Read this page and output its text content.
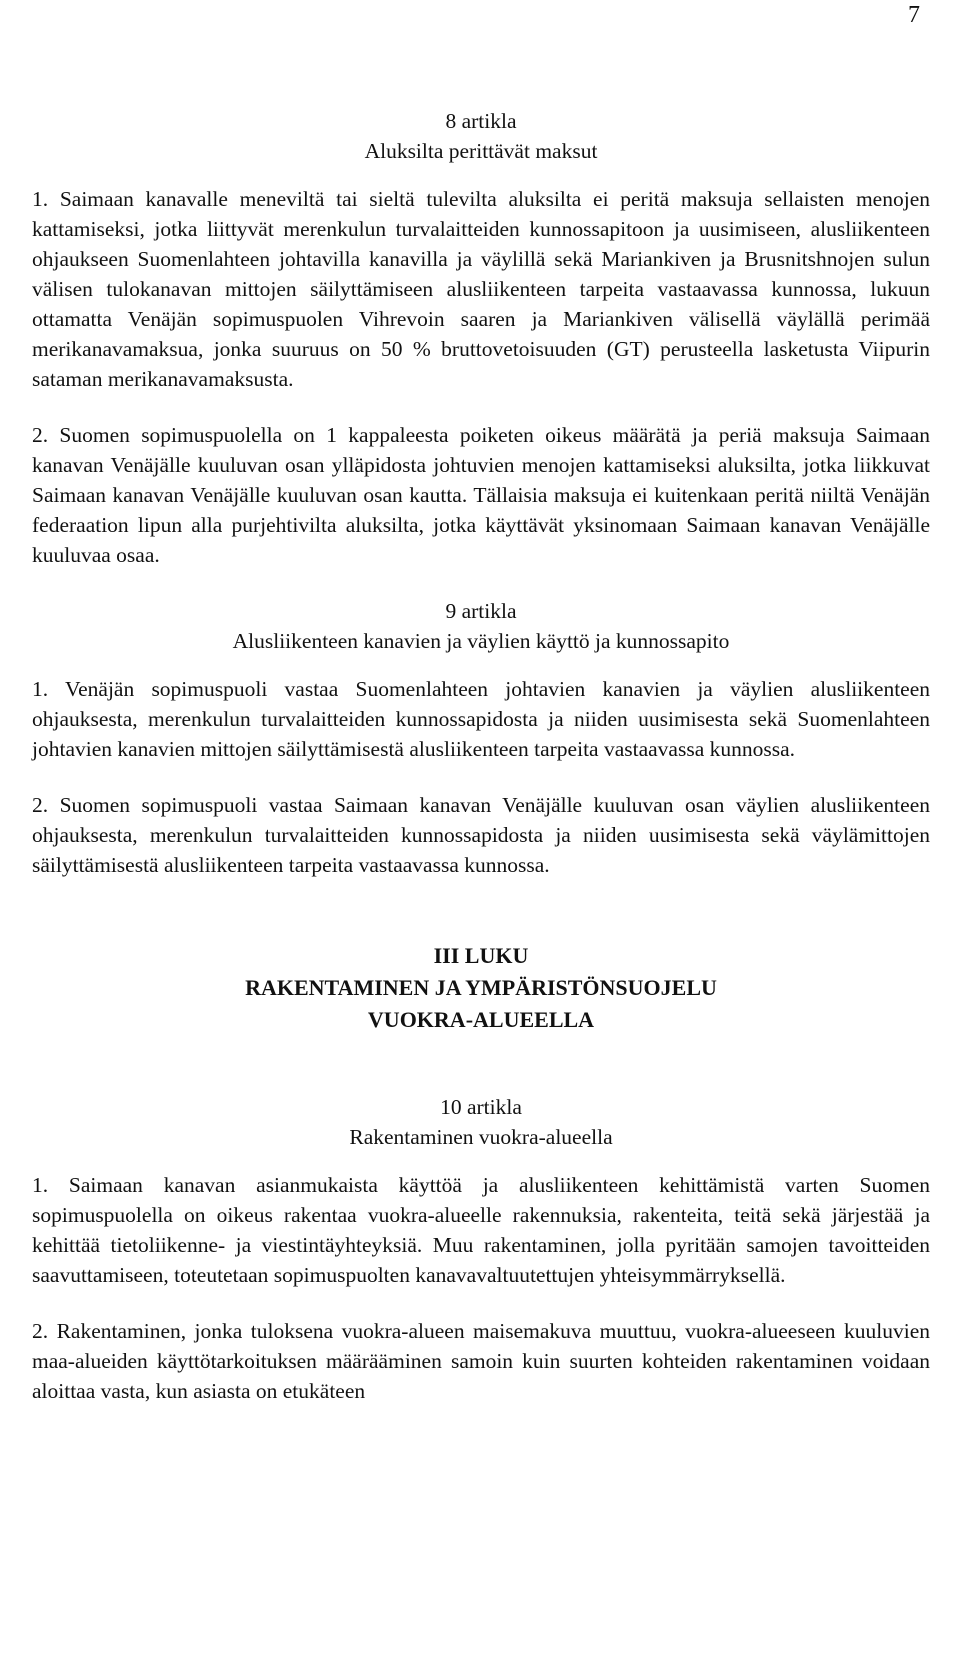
7

8 artikla

Aluksilta perittävät maksut

1. Saimaan kanavalle meneviltä tai sieltä tulevilta aluksilta ei peritä maksuja sellaisten menojen kattamiseksi, jotka liittyvät merenkulun turvalaitteiden kunnossapitoon ja uusimiseen, alusliikenteen ohjaukseen Suomenlahteen johtavilla kanavilla ja väylillä sekä Mariankiven ja Brusnitshnojen sulun välisen tulokanavan mittojen säilyttämiseen alusliikenteen tarpeita vastaavassa kunnossa, lukuun ottamatta Venäjän sopimuspuolen Vihrevoin saaren ja Mariankiven välisellä väylällä perimää merikanavamaksua, jonka suuruus on 50 % bruttovetoisuuden (GT) perusteella lasketusta Viipurin sataman merikanavamaksusta.

2. Suomen sopimuspuolella on 1 kappaleesta poiketen oikeus määrätä ja periä maksuja Saimaan kanavan Venäjälle kuuluvan osan ylläpidosta johtuvien menojen kattamiseksi aluksilta, jotka liikkuvat Saimaan kanavan Venäjälle kuuluvan osan kautta. Tällaisia maksuja ei kuitenkaan peritä niiltä Venäjän federaation lipun alla purjehtivilta aluksilta, jotka käyttävät yksinomaan Saimaan kanavan Venäjälle kuuluvaa osaa.

9 artikla

Alusliikenteen kanavien ja väylien käyttö ja kunnossapito

1. Venäjän sopimuspuoli vastaa Suomenlahteen johtavien kanavien ja väylien alusliikenteen ohjauksesta, merenkulun turvalaitteiden kunnossapidosta ja niiden uusimisesta sekä Suomenlahteen johtavien kanavien mittojen säilyttämisestä alusliikenteen tarpeita vastaavassa kunnossa.

2. Suomen sopimuspuoli vastaa Saimaan kanavan Venäjälle kuuluvan osan väylien alusliikenteen ohjauksesta, merenkulun turvalaitteiden kunnossapidosta ja niiden uusimisesta sekä väylämittojen säilyttämisestä alusliikenteen tarpeita vastaavassa kunnossa.

III LUKU

RAKENTAMINEN JA YMPÄRISTÖNSUOJELU

VUOKRA-ALUEELLA

10 artikla

Rakentaminen vuokra-alueella

1. Saimaan kanavan asianmukaista käyttöä ja alusliikenteen kehittämistä varten Suomen sopimuspuolella on oikeus rakentaa vuokra-alueelle rakennuksia, rakenteita, teitä sekä järjestää ja kehittää tietoliikenne- ja viestintäyhteyksiä. Muu rakentaminen, jolla pyritään samojen tavoitteiden saavuttamiseen, toteutetaan sopimuspuolten kanavavaltuutettujen yhteisymmärryksellä.

2. Rakentaminen, jonka tuloksena vuokra-alueen maisemakuva muuttuu, vuokra-alueeseen kuuluvien maa-alueiden käyttötarkoituksen määrääminen samoin kuin suurten kohteiden rakentaminen voidaan aloittaa vasta, kun asiasta on etukäteen
